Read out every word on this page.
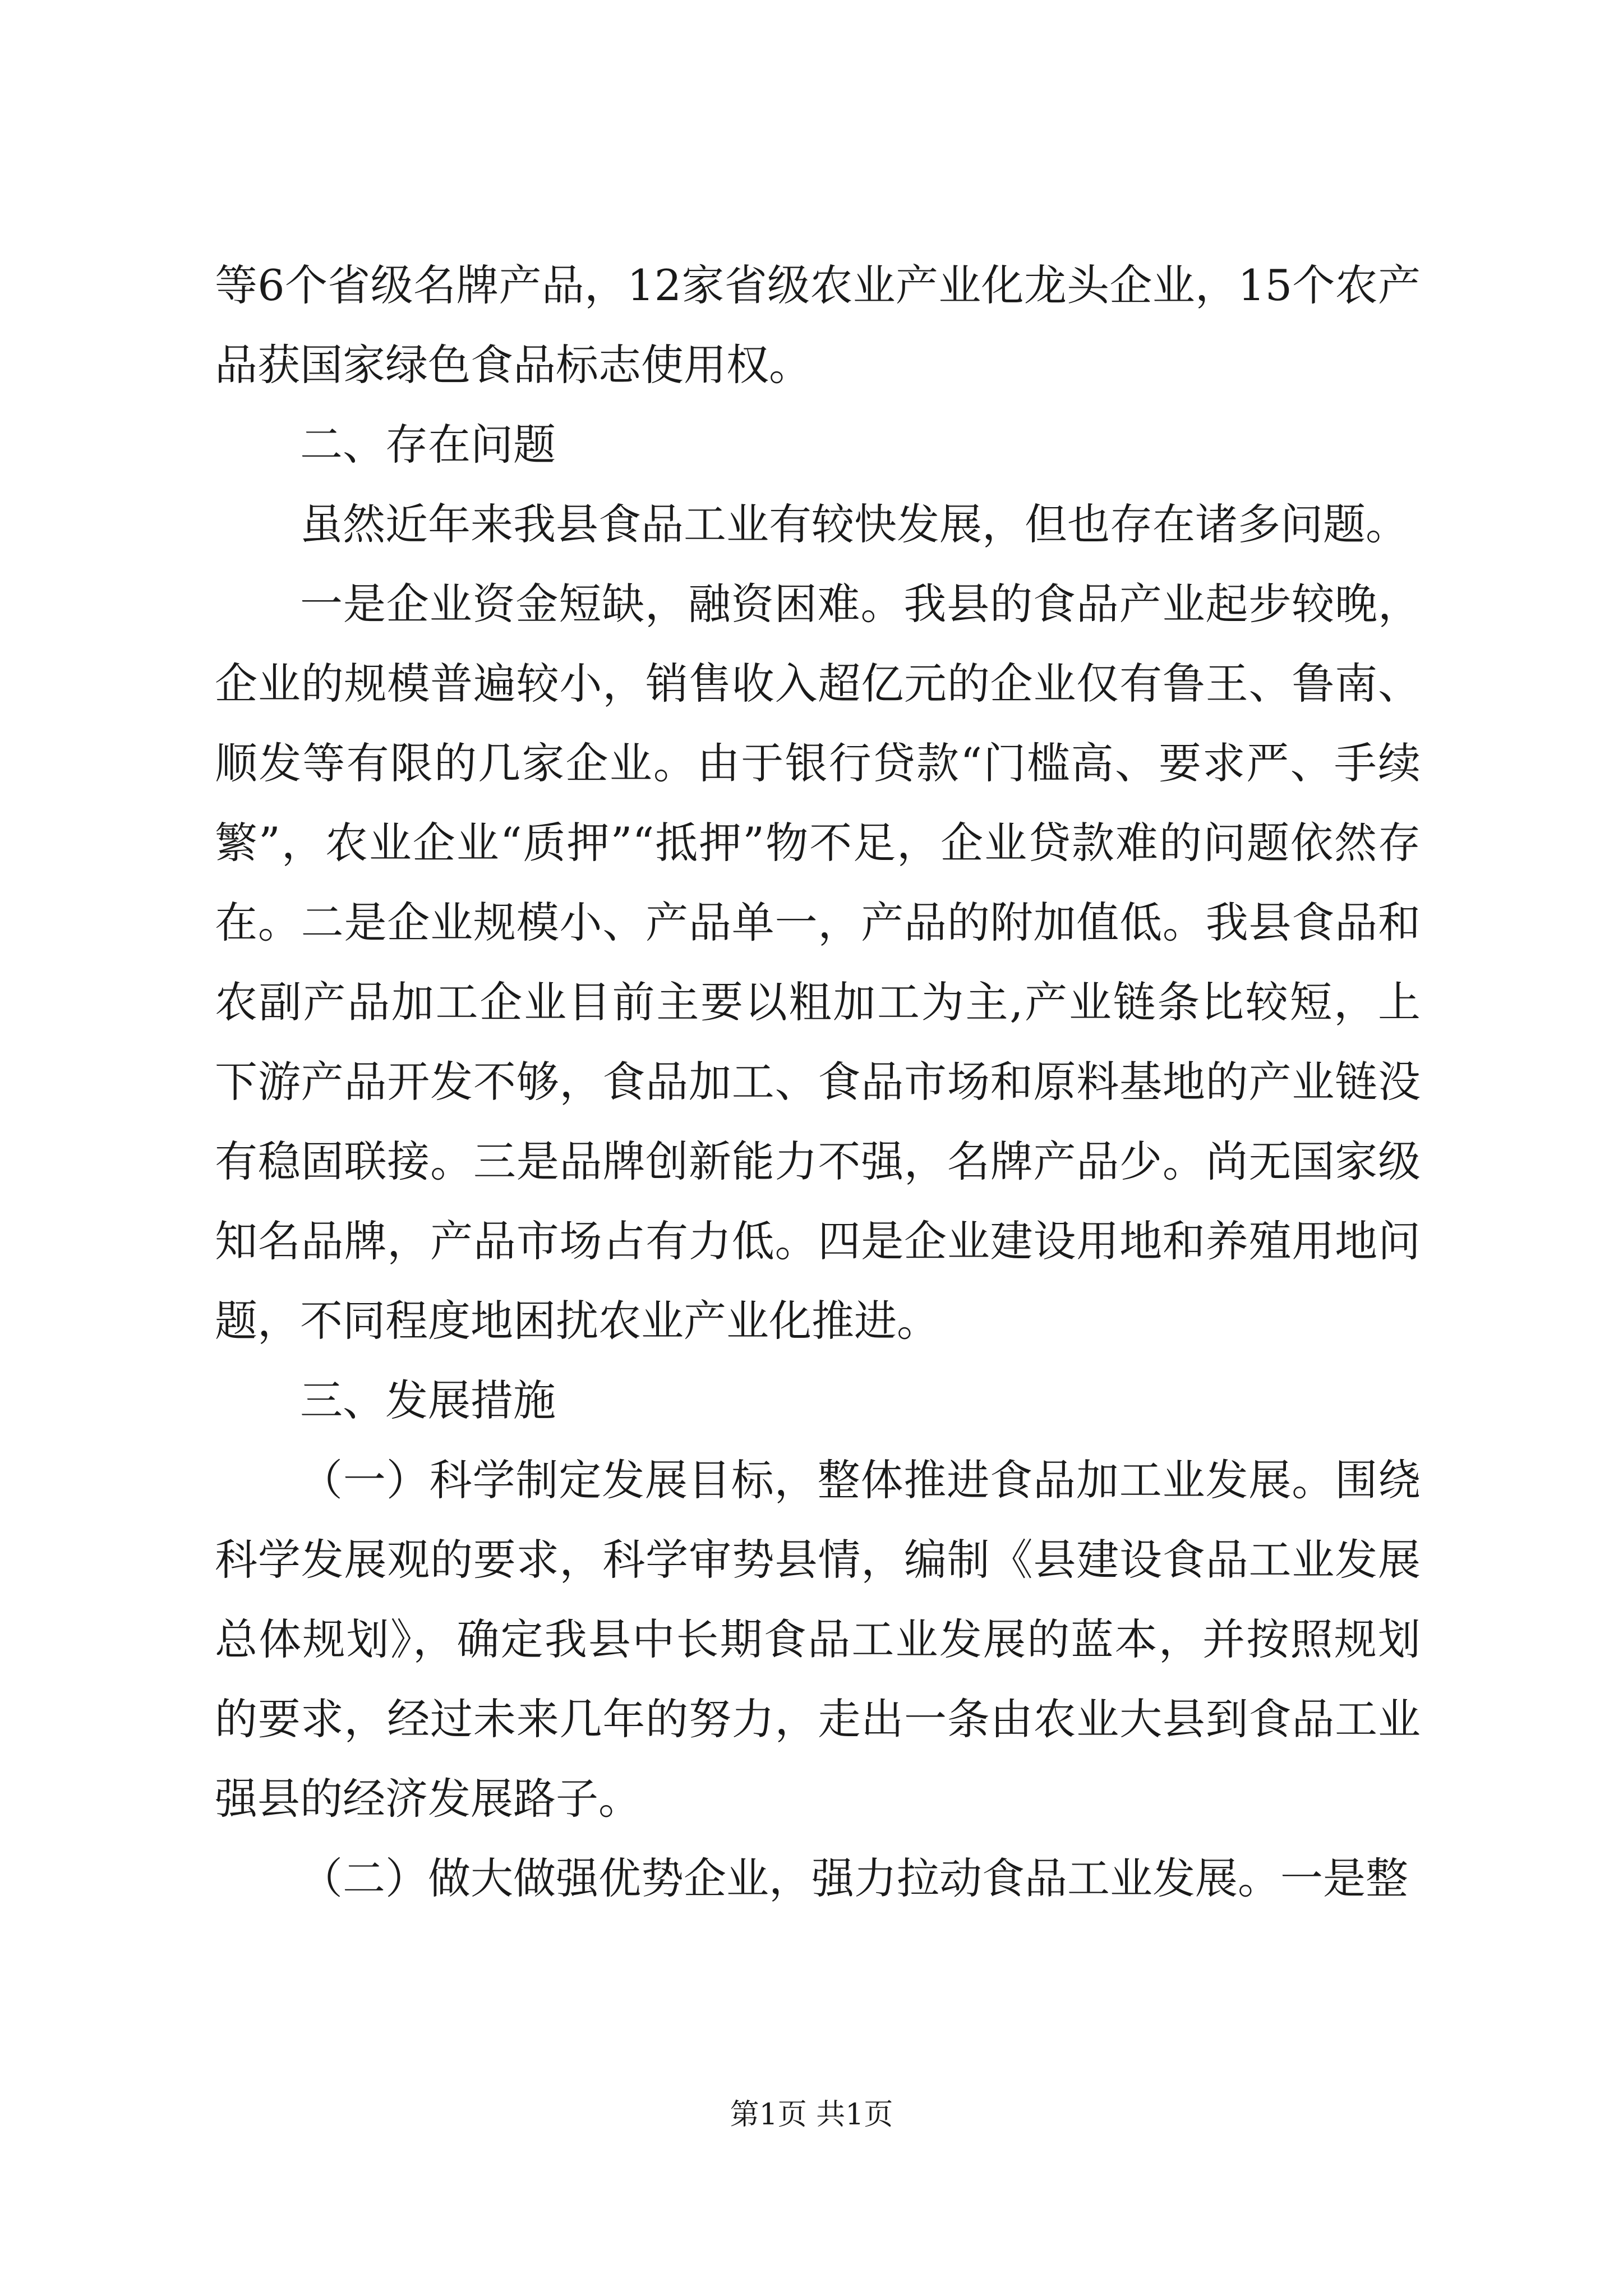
等6个省级名牌产品，12家省级农业产业化龙头企业，15个农产品获国家绿色食品标志使用权。

二、存在问题

虽然近年来我县食品工业有较快发展，但也存在诸多问题。

一是企业资金短缺，融资困难。我县的食品产业起步较晚，企业的规模普遍较小，销售收入超亿元的企业仅有鲁王、鲁南、顺发等有限的几家企业。由于银行贷款“门槛高、要求严、手续繁”，农业企业“质押”“抵押”物不足，企业贷款难的问题依然存在。二是企业规模小、产品单一，产品的附加值低。我县食品和农副产品加工企业目前主要以粗加工为主,产业链条比较短，上下游产品开发不够，食品加工、食品市场和原料基地的产业链没有稳固联接。三是品牌创新能力不强，名牌产品少。尚无国家级知名品牌，产品市场占有力低。四是企业建设用地和养殖用地问题，不同程度地困扰农业产业化推进。

三、发展措施

（一）科学制定发展目标，整体推进食品加工业发展。围绕科学发展观的要求，科学审势县情，编制《县建设食品工业发展总体规划》，确定我县中长期食品工业发展的蓝本，并按照规划的要求，经过未来几年的努力，走出一条由农业大县到食品工业强县的经济发展路子。

（二）做大做强优势企业，强力拉动食品工业发展。一是整

第1页 共1页
